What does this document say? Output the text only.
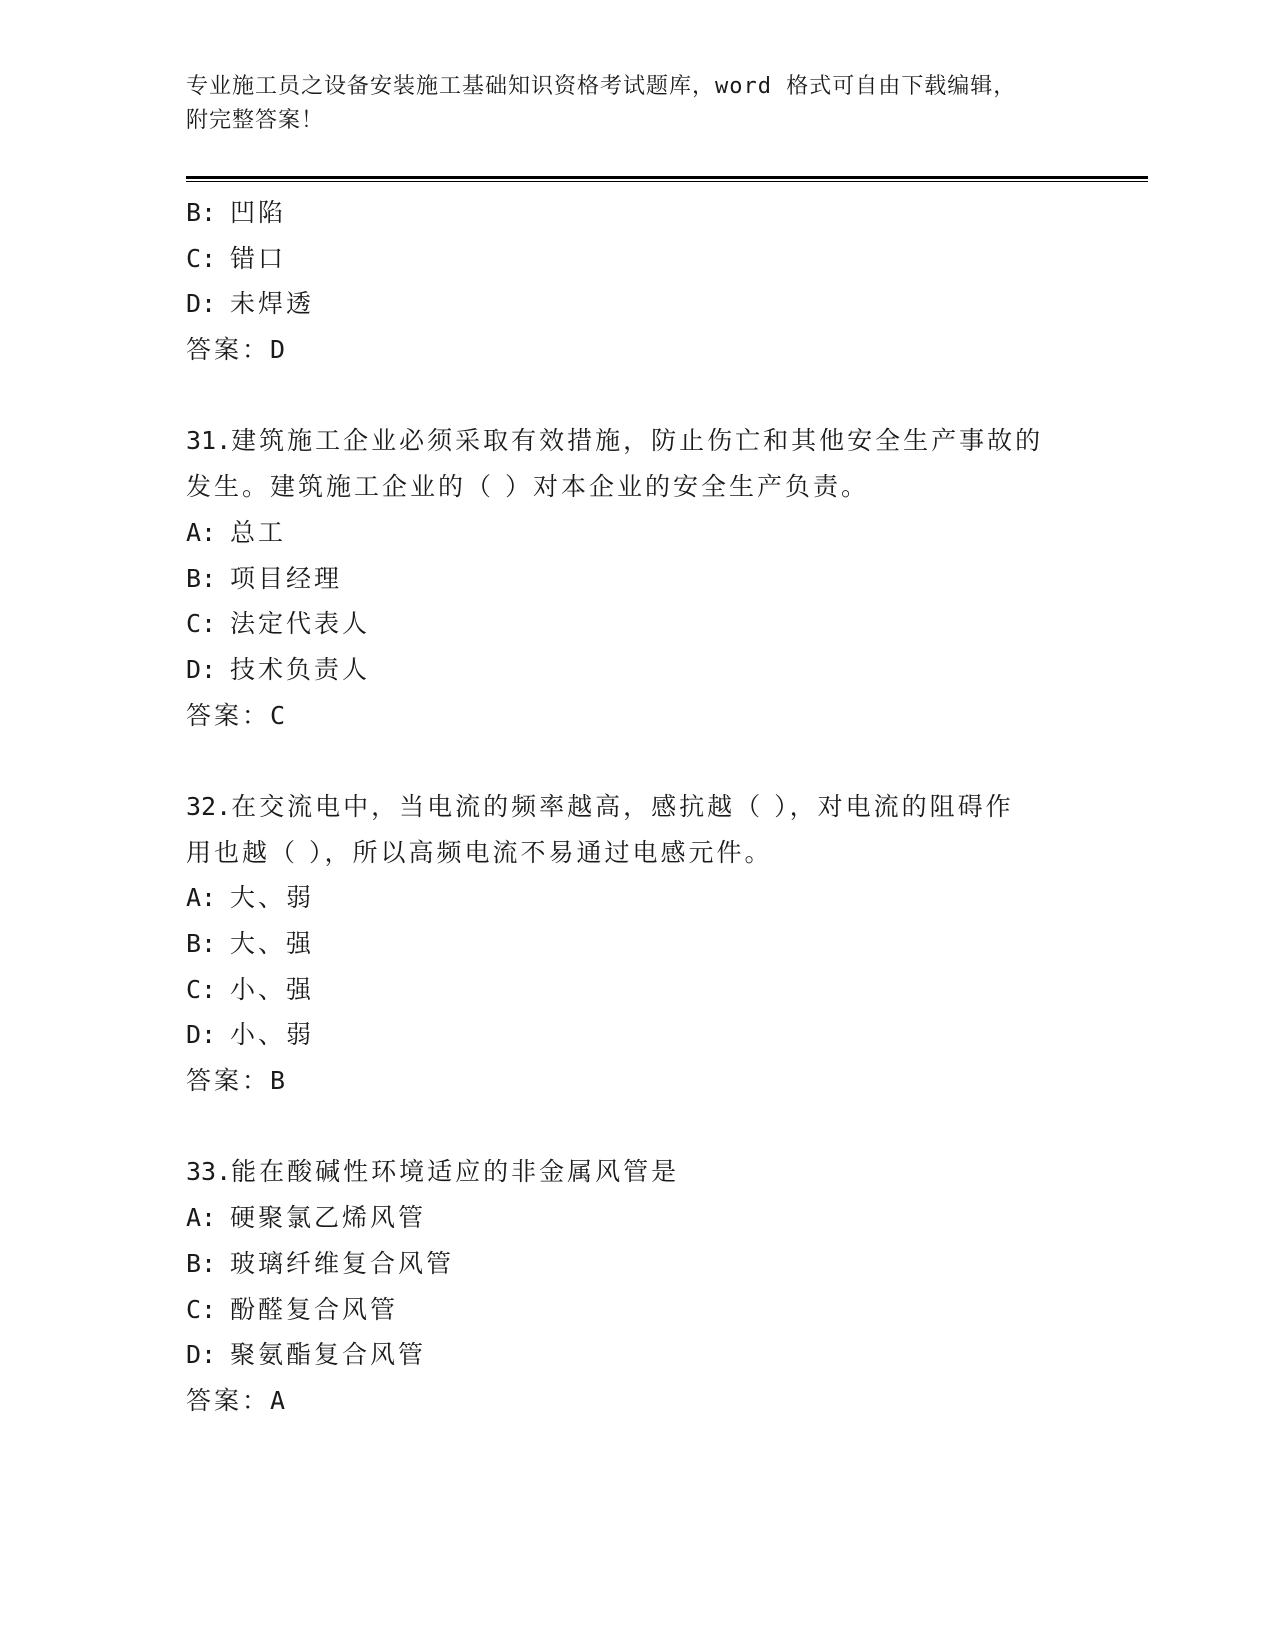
专业施工员之设备安装施工基础知识资格考试题库，word 格式可自由下载编辑，
附完整答案！
B: 凹陷
C: 错口
D: 未焊透
答案：D
31.建筑施工企业必须采取有效措施，防止伤亡和其他安全生产事故的
发生。建筑施工企业的（ ）对本企业的安全生产负责。
A: 总工
B: 项目经理
C: 法定代表人
D: 技术负责人
答案：C
32.在交流电中，当电流的频率越高，感抗越（ ），对电流的阻碍作
用也越（ ），所以高频电流不易通过电感元件。
A: 大、弱
B: 大、强
C: 小、强
D: 小、弱
答案：B
33.能在酸碱性环境适应的非金属风管是
A: 硬聚氯乙烯风管
B: 玻璃纤维复合风管
C: 酚醛复合风管
D: 聚氨酯复合风管
答案：A
